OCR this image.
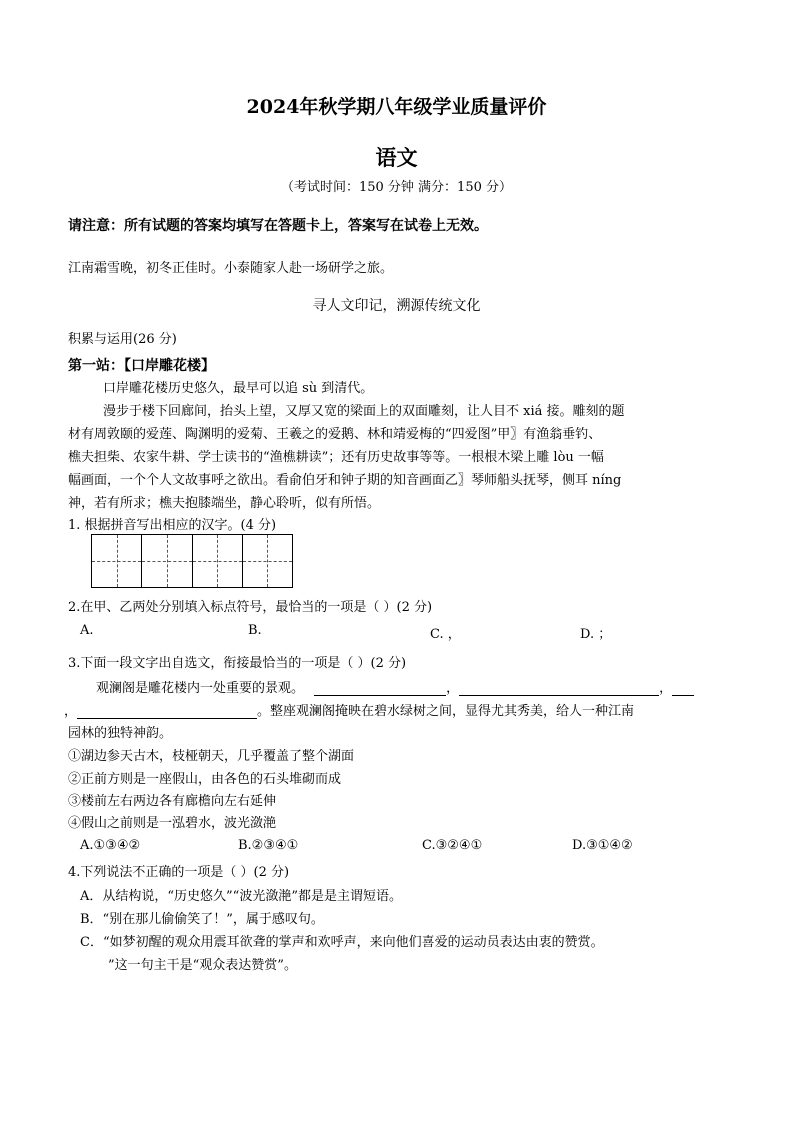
2024年秋学期八年级学业质量评价
语文
（考试时间：150 分钟 满分：150 分）
请注意：所有试题的答案均填写在答题卡上，答案写在试卷上无效。
江南霜雪晚，初冬正佳时。小泰随家人赴一场研学之旅。
寻人文印记，溯源传统文化
积累与运用(26 分)
第一站：【口岸雕花楼】
口岸雕花楼历史悠久，最早可以追 sù 到清代。
漫步于楼下回廊间，抬头上望，又厚又宽的梁面上的双面雕刻，让人目不 xiá 接。雕刻的题
材有周敦颐的爱莲、陶渊明的爱菊、王羲之的爱鹅、林和靖爱梅的“四爱图”甲〗有渔翁垂钓、
樵夫担柴、农家牛耕、学士读书的“渔樵耕读”；还有历史故事等等。一根根木梁上雕 lòu 一幅
幅画面，一个个人文故事呼之欲出。看俞伯牙和钟子期的知音画面乙〗琴师船头抚琴，侧耳 níng
神，若有所求；樵夫抱膝端坐，静心聆听，似有所悟。
1. 根据拼音写出相应的汉字。(4 分)
2.在甲、乙两处分别填入标点符号，最恰当的一项是（ ）(2 分)
A.	B.	C. ，	D. ；
3.下面一段文字出自选文，衔接最恰当的一项是（ ）(2 分)
观澜阁是雕花楼内一处重要的景观。	，	，
，	。整座观澜阁掩映在碧水绿树之间，显得尤其秀美，给人一种江南
园林的独特神韵。
①湖边参天古木，枝桠朝天，几乎覆盖了整个湖面
②正前方则是一座假山，由各色的石头堆砌而成
③楼前左右两边各有廊檐向左右延伸
④假山之前则是一泓碧水，波光潋滟
A.①③④②	B.②③④①	C.③②④①	D.③①④②
4.下列说法不正确的一项是（ ）(2 分)
A．从结构说，“历史悠久”“波光潋滟”都是是主谓短语。
B．“别在那儿偷偷笑了！”，属于感叹句。
C．“如梦初醒的观众用震耳欲聋的掌声和欢呼声，来向他们喜爱的运动员表达由衷的赞赏。
”这一句主干是“观众表达赞赏”。
